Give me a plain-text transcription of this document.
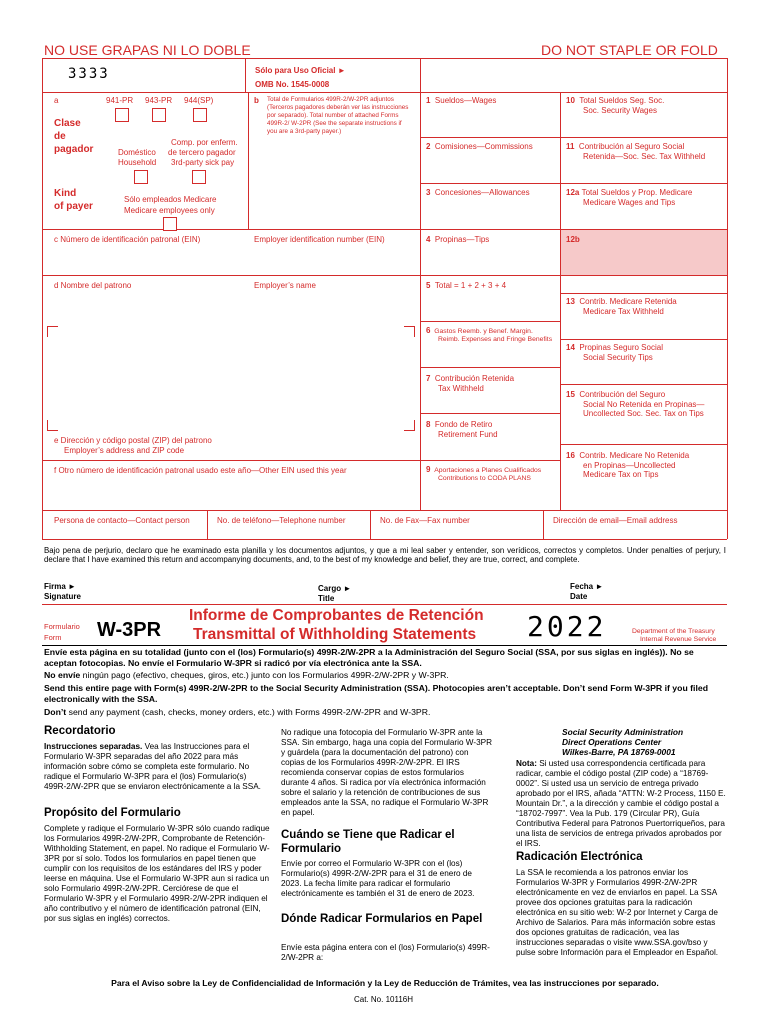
NO USE GRAPAS NI LO DOBLE	DO NOT STAPLE OR FOLD
3333	Sólo para Uso Oficial ►
OMB No. 1545-0008
a	941-PR 943-PR 944(SP)
Clase
de
pagador	Doméstico
Household
Comp. por enferm.
de tercero pagador
3rd-party sick pay
Kind
of payer
Sólo empleados Medicare
Medicare employees only
b Total de Formularios 499R-2/W-2PR adjuntos (Terceros pagadores deberán ver las instrucciones por separado). Total number of attached Forms 499R-2/ W-2PR (See the separate instructions if you are a 3rd-party payer.)
c Número de identificación patronal (EIN)	Employer identification number (EIN)
d Nombre del patrono	Employer’s name
e Dirección y código postal (ZIP) del patrono
Employer’s address and ZIP code
f Otro número de identificación patronal usado este año—Other EIN used this year
1 Sueldos—Wages
2 Comisiones—Commissions
3 Concesiones—Allowances
4 Propinas—Tips
5 Total = 1 + 2 + 3 + 4
6 Gastos Reemb. y Benef. Margin.
Reimb. Expenses and Fringe Benefits
7 Contribución Retenida
Tax Withheld
8 Fondo de Retiro
Retirement Fund
9 Aportaciones a Planes Cualificados
Contributions to CODA PLANS
10 Total Sueldos Seg. Soc.
Soc. Security Wages
11 Contribución al Seguro Social
Retenida—Soc. Sec. Tax Withheld
12a Total Sueldos y Prop. Medicare
Medicare Wages and Tips
12b
13 Contrib. Medicare Retenida
Medicare Tax Withheld
14 Propinas Seguro Social
Social Security Tips
15 Contribución del Seguro
Social No Retenida en Propinas—
Uncollected Soc. Sec. Tax on Tips
16 Contrib. Medicare No Retenida
en Propinas—Uncollected
Medicare Tax on Tips
Persona de contacto—Contact person	No. de teléfono—Telephone number	No. de Fax—Fax number	Dirección de email—Email address
Bajo pena de perjurio, declaro que he examinado esta planilla y los documentos adjuntos, y que a mi leal saber y entender, son verídicos, correctos y completos. Under penalties of perjury, I declare that I have examined this return and accompanying documents, and, to the best of my knowledge and belief, they are true, correct, and complete.
Firma ►
Signature
Cargo ►
Title
Fecha ►
Date
Formulario
Form W-3PR
Informe de Comprobantes de Retención
Transmittal of Withholding Statements 2022	Department of the Treasury
Internal Revenue Service
Envíe esta página en su totalidad (junto con el (los) Formulario(s) 499R-2/W-2PR a la Administración del Seguro Social (SSA, por sus siglas en inglés)). No se aceptan fotocopias. No envíe el Formulario W-3PR si radicó por vía electrónica ante la SSA.
No envíe ningún pago (efectivo, cheques, giros, etc.) junto con los Formularios 499R-2/W-2PR y W-3PR.
Send this entire page with Form(s) 499R-2/W-2PR to the Social Security Administration (SSA). Photocopies aren’t acceptable. Don’t send Form W-3PR if you filed electronically with the SSA.
Don’t send any payment (cash, checks, money orders, etc.) with Forms 499R-2/W-2PR and W-3PR.
Recordatorio
Instrucciones separadas. Vea las Instrucciones para el Formulario W-3PR separadas del año 2022 para más información sobre cómo se completa este formulario. No radique el Formulario W-3PR para el (los) Formulario(s) 499R-2/W-2PR que se enviaron electrónicamente a la SSA.
Propósito del Formulario
Complete y radique el Formulario W-3PR sólo cuando radique los Formularios 499R-2/W-2PR, Comprobante de Retención-Withholding Statement, en papel. No radique el Formulario W-3PR por sí solo. Todos los formularios en papel tienen que cumplir con los requisitos de los estándares del IRS y poder leerse en máquina. Use el Formulario W-3PR aun si radica un solo Formulario 499R-2/W-2PR. Cerciórese de que el Formulario W-3PR y el Formulario 499R-2/W-2PR indiquen el año contributivo y el número de identificación patronal (EIN, por sus siglas en inglés) correctos.
No radique una fotocopia del Formulario W-3PR ante la SSA. Sin embargo, haga una copia del Formulario W-3PR y guárdela (para la documentación del patrono) con copias de los Formularios 499R-2/W-2PR. El IRS recomienda conservar copias de estos formularios durante 4 años. Si radica por vía electrónica información sobre el salario y la retención de contribuciones de sus empleados ante la SSA, no radique el Formulario W-3PR en papel.
Cuándo se Tiene que Radicar el Formulario
Envíe por correo el Formulario W-3PR con el (los) Formulario(s) 499R-2/W-2PR para el 31 de enero de 2023. La fecha límite para radicar el formulario electrónicamente es también el 31 de enero de 2023.
Dónde Radicar Formularios en Papel
Envíe esta página entera con el (los) Formulario(s) 499R-2/W-2PR a:
Social Security Administration
Direct Operations Center
Wilkes-Barre, PA 18769-0001
Nota: Si usted usa correspondencia certificada para radicar, cambie el código postal (ZIP code) a “18769-0002”. Si usted usa un servicio de entrega privado aprobado por el IRS, añada “ATTN: W-2 Process, 1150 E. Mountain Dr.”, a la dirección y cambie el código postal a “18702-7997”. Vea la Pub. 179 (Circular PR), Guía Contributiva Federal para Patronos Puertorriqueños, para una lista de servicios de entrega privados aprobados por el IRS.
Radicación Electrónica
La SSA le recomienda a los patronos enviar los Formularios W-3PR y Formularios 499R-2/W-2PR electrónicamente en vez de enviarlos en papel. La SSA provee dos opciones gratuitas para la radicación electrónica en su sitio web: W-2 por Internet y Carga de Archivo de Salarios. Para más información sobre estas dos opciones gratuitas de radicación, vea las instrucciones separadas o visite www.SSA.gov/bso y pulse sobre Información para el Empleador en Español.
Para el Aviso sobre la Ley de Confidencialidad de Información y la Ley de Reducción de Trámites, vea las instrucciones por separado.
Cat. No. 10116H
